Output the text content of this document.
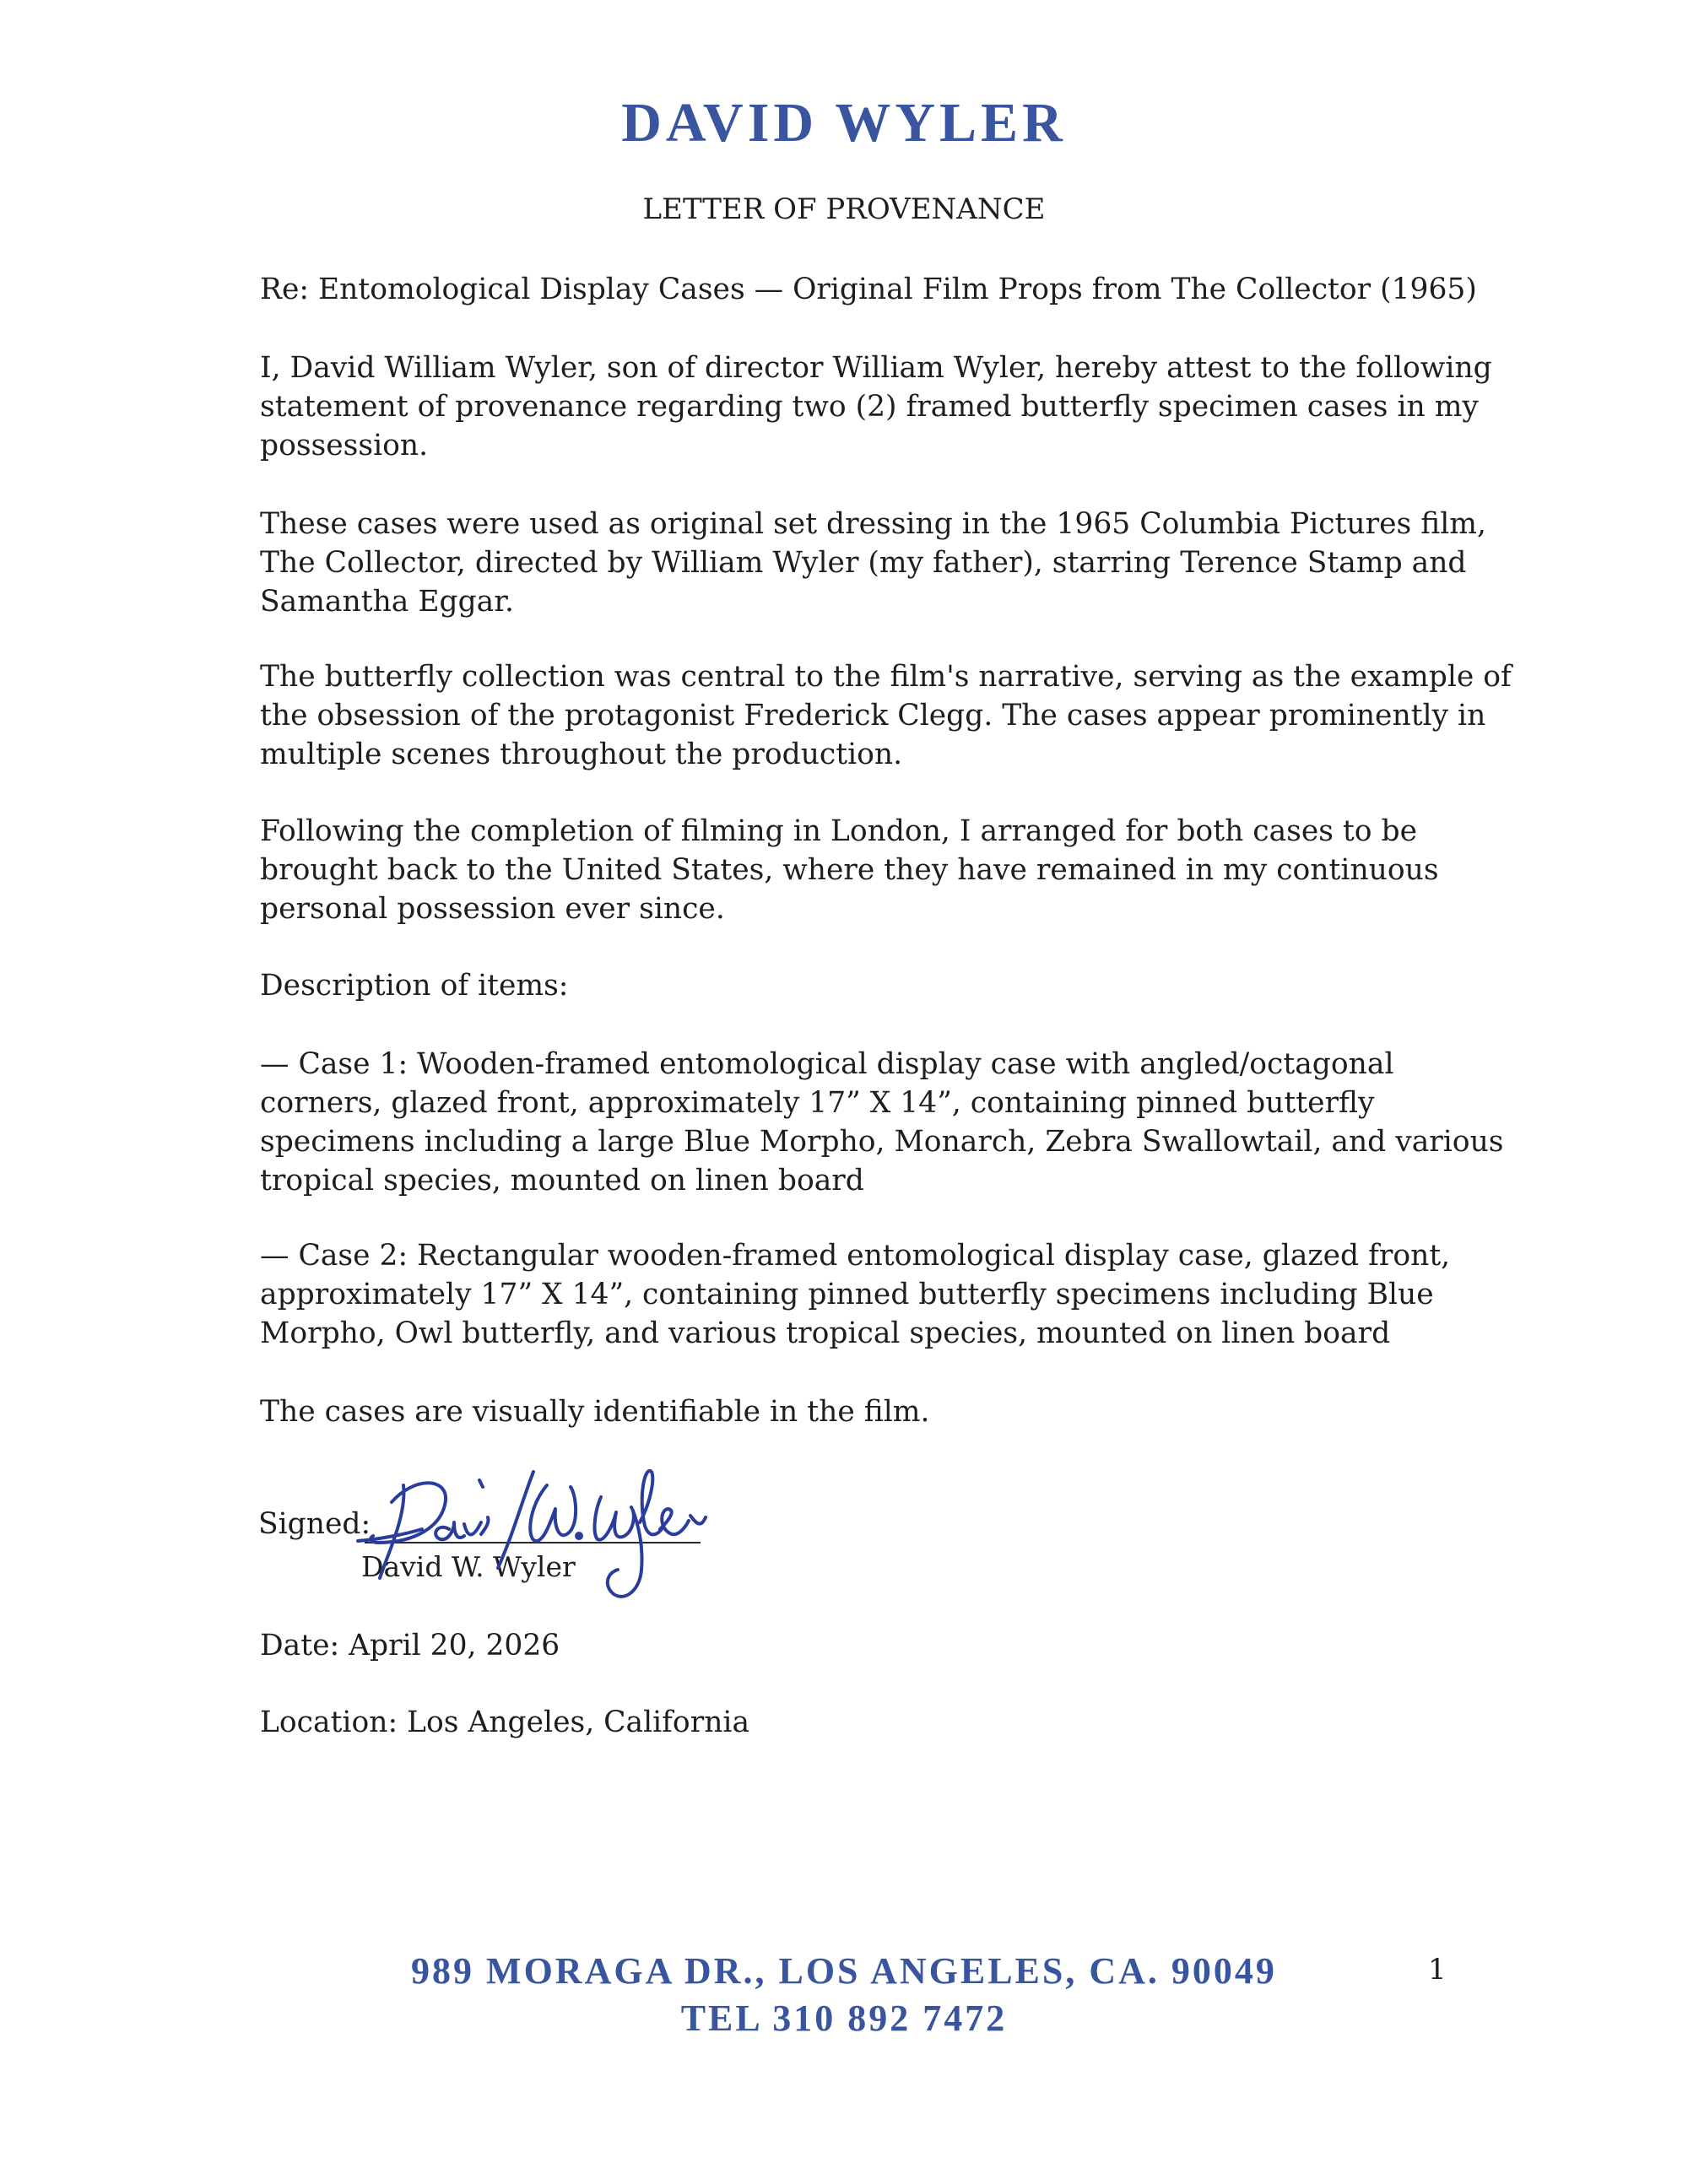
DAVID WYLER
LETTER OF PROVENANCE
Re: Entomological Display Cases — Original Film Props from The Collector (1965)
I, David William Wyler, son of director William Wyler, hereby attest to the following
statement of provenance regarding two (2) framed butterfly specimen cases in my
possession.
These cases were used as original set dressing in the 1965 Columbia Pictures film,
The Collector, directed by William Wyler (my father), starring Terence Stamp and
Samantha Eggar.
The butterfly collection was central to the film's narrative, serving as the example of
the obsession of the protagonist Frederick Clegg. The cases appear prominently in
multiple scenes throughout the production.
Following the completion of filming in London, I arranged for both cases to be
brought back to the United States, where they have remained in my continuous
personal possession ever since.
Description of items:
— Case 1: Wooden-framed entomological display case with angled/octagonal
corners, glazed front, approximately 17” X 14”, containing pinned butterfly
specimens including a large Blue Morpho, Monarch, Zebra Swallowtail, and various
tropical species, mounted on linen board
— Case 2: Rectangular wooden-framed entomological display case, glazed front,
approximately 17” X 14”, containing pinned butterfly specimens including Blue
Morpho, Owl butterfly, and various tropical species, mounted on linen board
The cases are visually identifiable in the film.
Signed:
David W. Wyler
Date: April 20, 2026
Location: Los Angeles, California
989 MORAGA DR., LOS ANGELES, CA. 90049
TEL 310 892 7472
1
